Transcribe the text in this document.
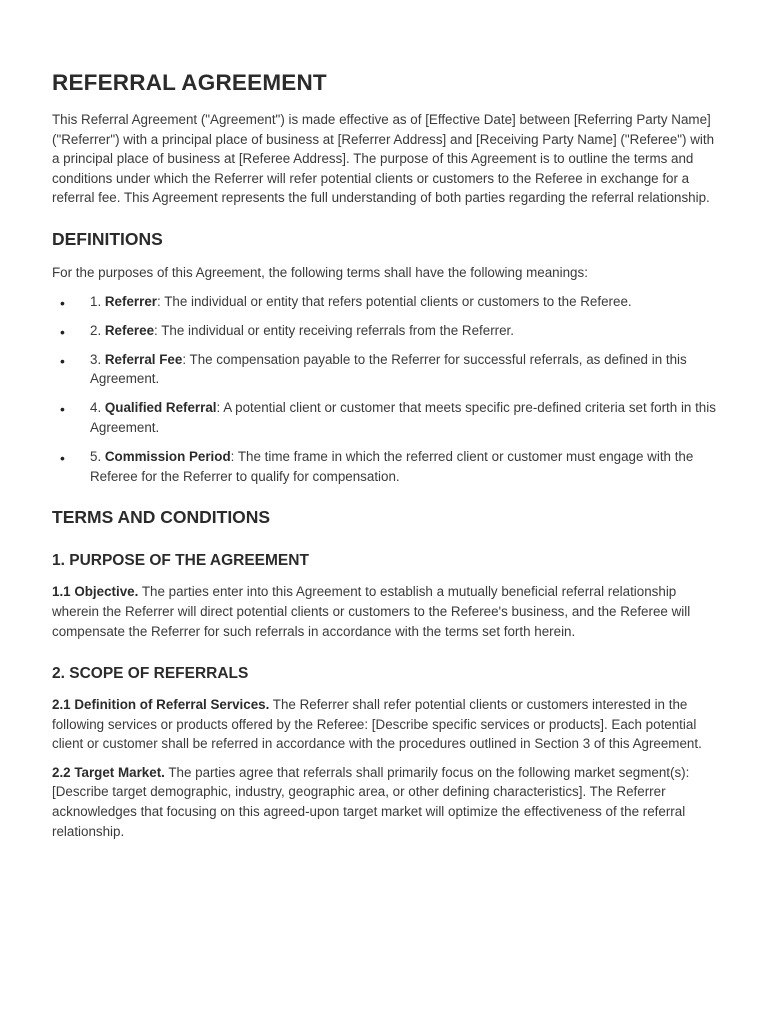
REFERRAL AGREEMENT

This Referral Agreement ("Agreement") is made effective as of [Effective Date] between [Referring Party Name] ("Referrer") with a principal place of business at [Referrer Address] and [Receiving Party Name] ("Referee") with a principal place of business at [Referee Address]. The purpose of this Agreement is to outline the terms and conditions under which the Referrer will refer potential clients or customers to the Referee in exchange for a referral fee. This Agreement represents the full understanding of both parties regarding the referral relationship.

DEFINITIONS

For the purposes of this Agreement, the following terms shall have the following meanings:

• 1. Referrer: The individual or entity that refers potential clients or customers to the Referee.
• 2. Referee: The individual or entity receiving referrals from the Referrer.
• 3. Referral Fee: The compensation payable to the Referrer for successful referrals, as defined in this Agreement.
• 4. Qualified Referral: A potential client or customer that meets specific pre-defined criteria set forth in this Agreement.
• 5. Commission Period: The time frame in which the referred client or customer must engage with the Referee for the Referrer to qualify for compensation.
TERMS AND CONDITIONS
1. PURPOSE OF THE AGREEMENT

1.1 Objective. The parties enter into this Agreement to establish a mutually beneficial referral relationship wherein the Referrer will direct potential clients or customers to the Referee's business, and the Referee will compensate the Referrer for such referrals in accordance with the terms set forth herein.

2. SCOPE OF REFERRALS

2.1 Definition of Referral Services. The Referrer shall refer potential clients or customers interested in the following services or products offered by the Referee: [Describe specific services or products]. Each potential client or customer shall be referred in accordance with the procedures outlined in Section 3 of this Agreement.

2.2 Target Market. The parties agree that referrals shall primarily focus on the following market segment(s): [Describe target demographic, industry, geographic area, or other defining characteristics]. The Referrer acknowledges that focusing on this agreed-upon target market will optimize the effectiveness of the referral relationship.
